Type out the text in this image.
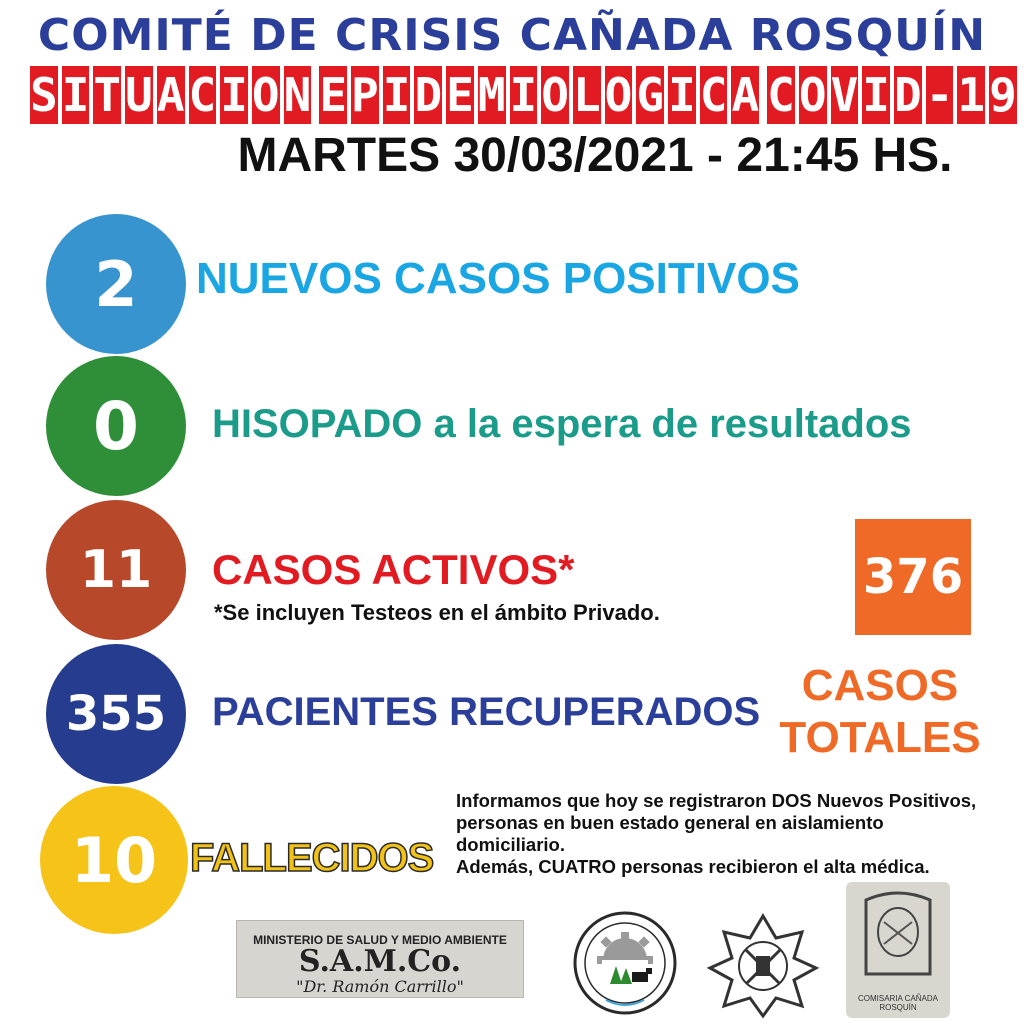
COMITÉ DE CRISIS CAÑADA ROSQUÍN
S I T U A C I O N E P I D E M I O L O G I C A C O V I D - 1 9
MARTES 30/03/2021 - 21:45 HS.
2	NUEVOS CASOS POSITIVOS
0	HISOPADO a la espera de resultados
11	CASOS ACTIVOS*
*Se incluyen Testeos en el ámbito Privado.
355	PACIENTES RECUPERADOS
10 FALLECIDOS
376
CASOS
TOTALES
Informamos que hoy se registraron DOS Nuevos Positivos, personas en buen estado general en aislamiento domiciliario.
Además, CUATRO personas recibieron el alta médica.
MINISTERIO DE SALUD Y MEDIO AMBIENTE
S.A.M.Co.
"Dr. Ramón Carrillo"
COMISARIA CAÑADA ROSQUÍN
